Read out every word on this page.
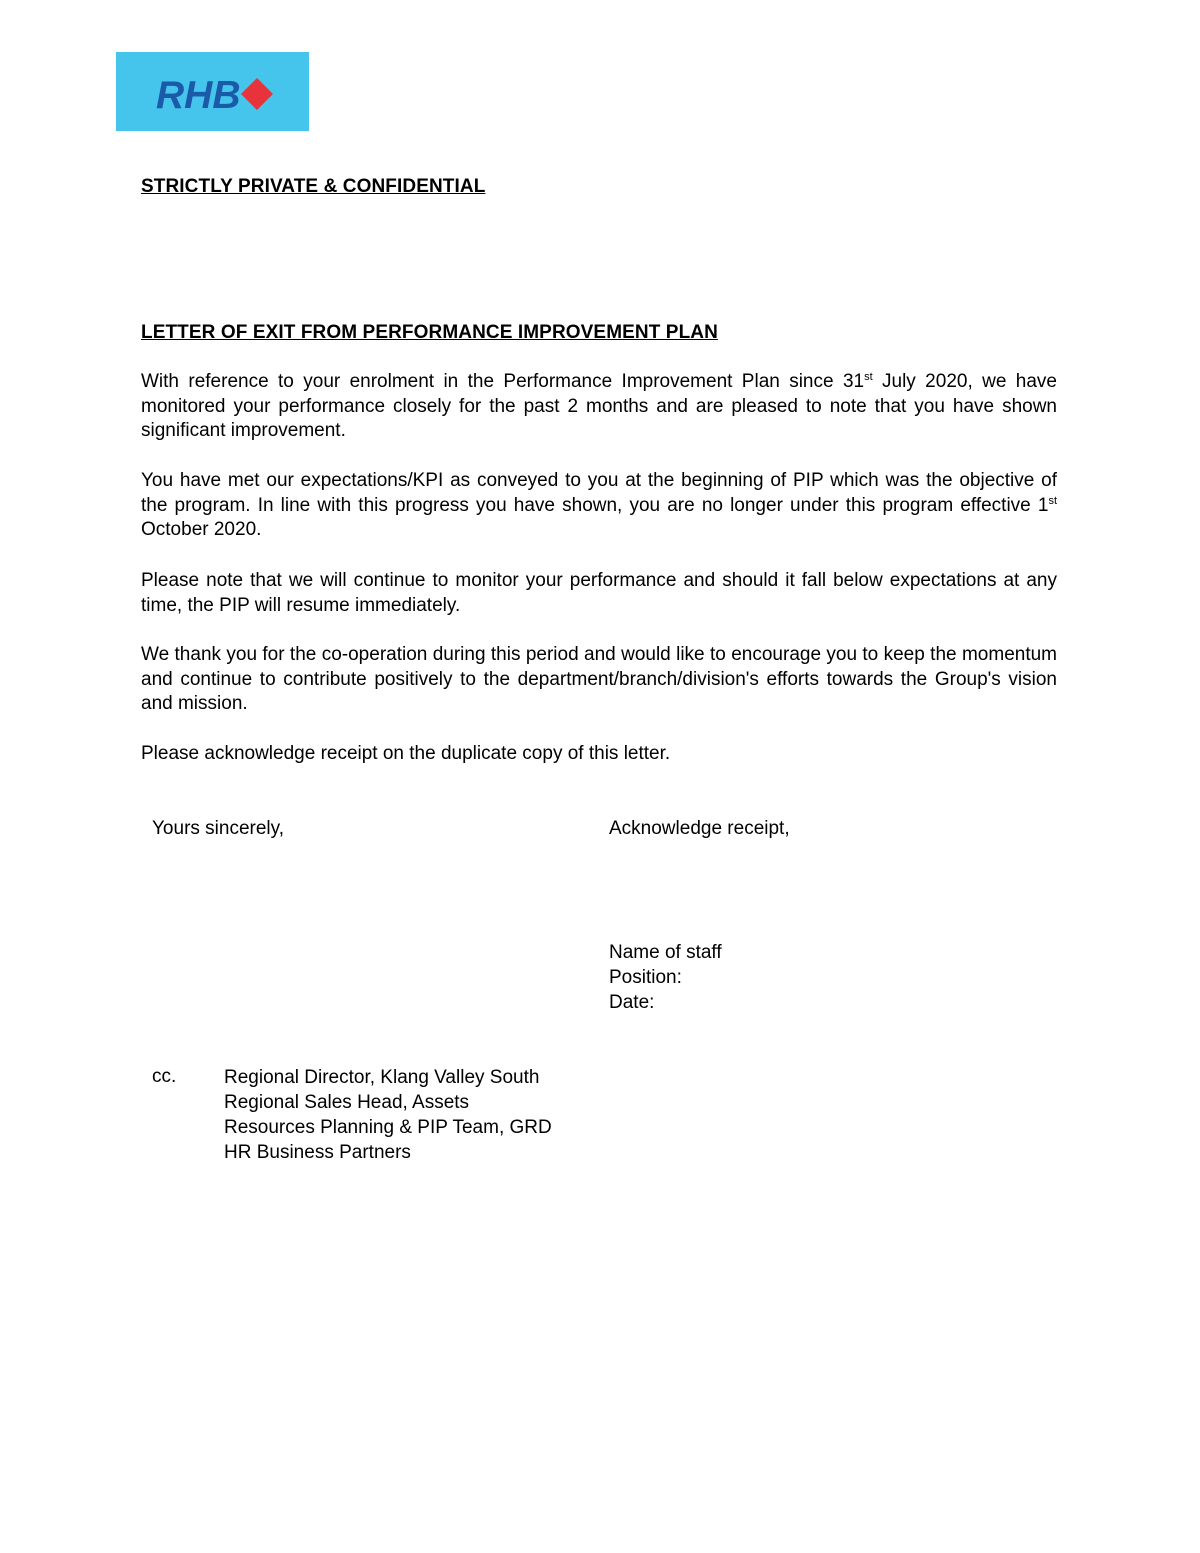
RHB
STRICTLY PRIVATE & CONFIDENTIAL
LETTER OF EXIT FROM PERFORMANCE IMPROVEMENT PLAN

With reference to your enrolment in the Performance Improvement Plan since 31st July 2020, we have monitored your performance closely for the past 2 months and are pleased to note that you have shown significant improvement.

You have met our expectations/KPI as conveyed to you at the beginning of PIP which was the objective of the program. In line with this progress you have shown, you are no longer under this program effective 1st October 2020.

Please note that we will continue to monitor your performance and should it fall below expectations at any time, the PIP will resume immediately.

We thank you for the co-operation during this period and would like to encourage you to keep the momentum and continue to contribute positively to the department/branch/division's efforts towards the Group's vision and mission.

Please acknowledge receipt on the duplicate copy of this letter.
Yours sincerely,	Acknowledge receipt,
Name of staff
Position:
Date:
cc.	Regional Director, Klang Valley South
Regional Sales Head, Assets
Resources Planning & PIP Team, GRD
HR Business Partners
